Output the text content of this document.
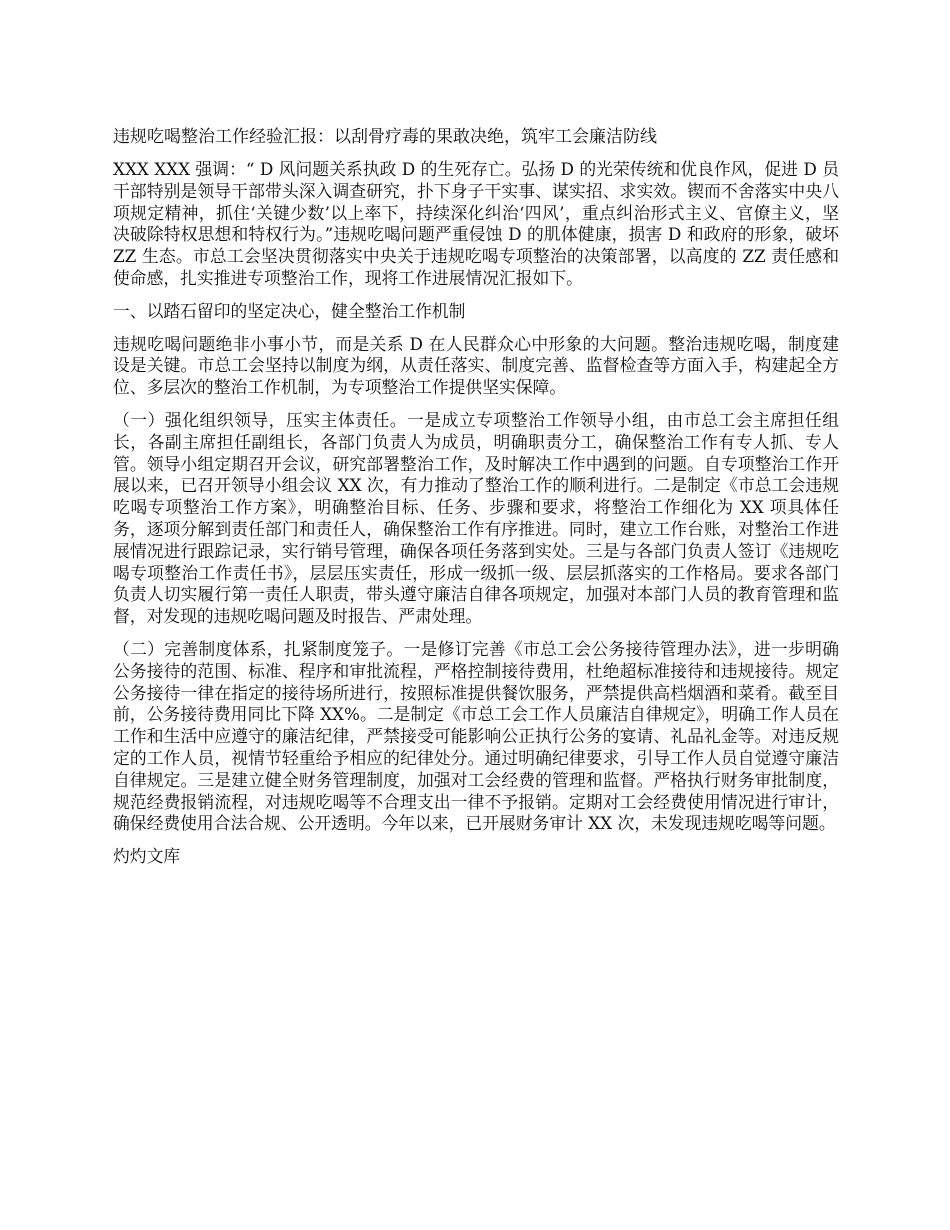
违规吃喝整治工作经验汇报：以刮骨疗毒的果敢决绝，筑牢工会廉洁防线

XXX XXX 强调：“ D 风问题关系执政 D 的生死存亡。弘扬 D 的光荣传统和优良作风，促进 D 员干部特别是领导干部带头深入调查研究，扑下身子干实事、谋实招、求实效。锲而不舍落实中央八项规定精神，抓住‘关键少数’以上率下，持续深化纠治‘四风’，重点纠治形式主义、官僚主义，坚决破除特权思想和特权行为。”违规吃喝问题严重侵蚀 D 的肌体健康，损害 D 和政府的形象，破坏 ZZ 生态。市总工会坚决贯彻落实中央关于违规吃喝专项整治的决策部署，以高度的 ZZ 责任感和使命感，扎实推进专项整治工作，现将工作进展情况汇报如下。

一、以踏石留印的坚定决心，健全整治工作机制

违规吃喝问题绝非小事小节，而是关系 D 在人民群众心中形象的大问题。整治违规吃喝，制度建设是关键。市总工会坚持以制度为纲，从责任落实、制度完善、监督检查等方面入手，构建起全方位、多层次的整治工作机制，为专项整治工作提供坚实保障。

（一）强化组织领导，压实主体责任。一是成立专项整治工作领导小组，由市总工会主席担任组长，各副主席担任副组长，各部门负责人为成员，明确职责分工，确保整治工作有专人抓、专人管。领导小组定期召开会议，研究部署整治工作，及时解决工作中遇到的问题。自专项整治工作开展以来，已召开领导小组会议 XX 次，有力推动了整治工作的顺利进行。二是制定《市总工会违规吃喝专项整治工作方案》，明确整治目标、任务、步骤和要求，将整治工作细化为 XX 项具体任务，逐项分解到责任部门和责任人，确保整治工作有序推进。同时，建立工作台账，对整治工作进展情况进行跟踪记录，实行销号管理，确保各项任务落到实处。三是与各部门负责人签订《违规吃喝专项整治工作责任书》，层层压实责任，形成一级抓一级、层层抓落实的工作格局。要求各部门负责人切实履行第一责任人职责，带头遵守廉洁自律各项规定，加强对本部门人员的教育管理和监督，对发现的违规吃喝问题及时报告、严肃处理。

（二）完善制度体系，扎紧制度笼子。一是修订完善《市总工会公务接待管理办法》，进一步明确公务接待的范围、标准、程序和审批流程，严格控制接待费用，杜绝超标准接待和违规接待。规定公务接待一律在指定的接待场所进行，按照标准提供餐饮服务，严禁提供高档烟酒和菜肴。截至目前，公务接待费用同比下降 XX%。二是制定《市总工会工作人员廉洁自律规定》，明确工作人员在工作和生活中应遵守的廉洁纪律，严禁接受可能影响公正执行公务的宴请、礼品礼金等。对违反规定的工作人员，视情节轻重给予相应的纪律处分。通过明确纪律要求，引导工作人员自觉遵守廉洁自律规定。三是建立健全财务管理制度，加强对工会经费的管理和监督。严格执行财务审批制度，规范经费报销流程，对违规吃喝等不合理支出一律不予报销。定期对工会经费使用情况进行审计，确保经费使用合法合规、公开透明。今年以来，已开展财务审计 XX 次，未发现违规吃喝等问题。

灼灼文库
